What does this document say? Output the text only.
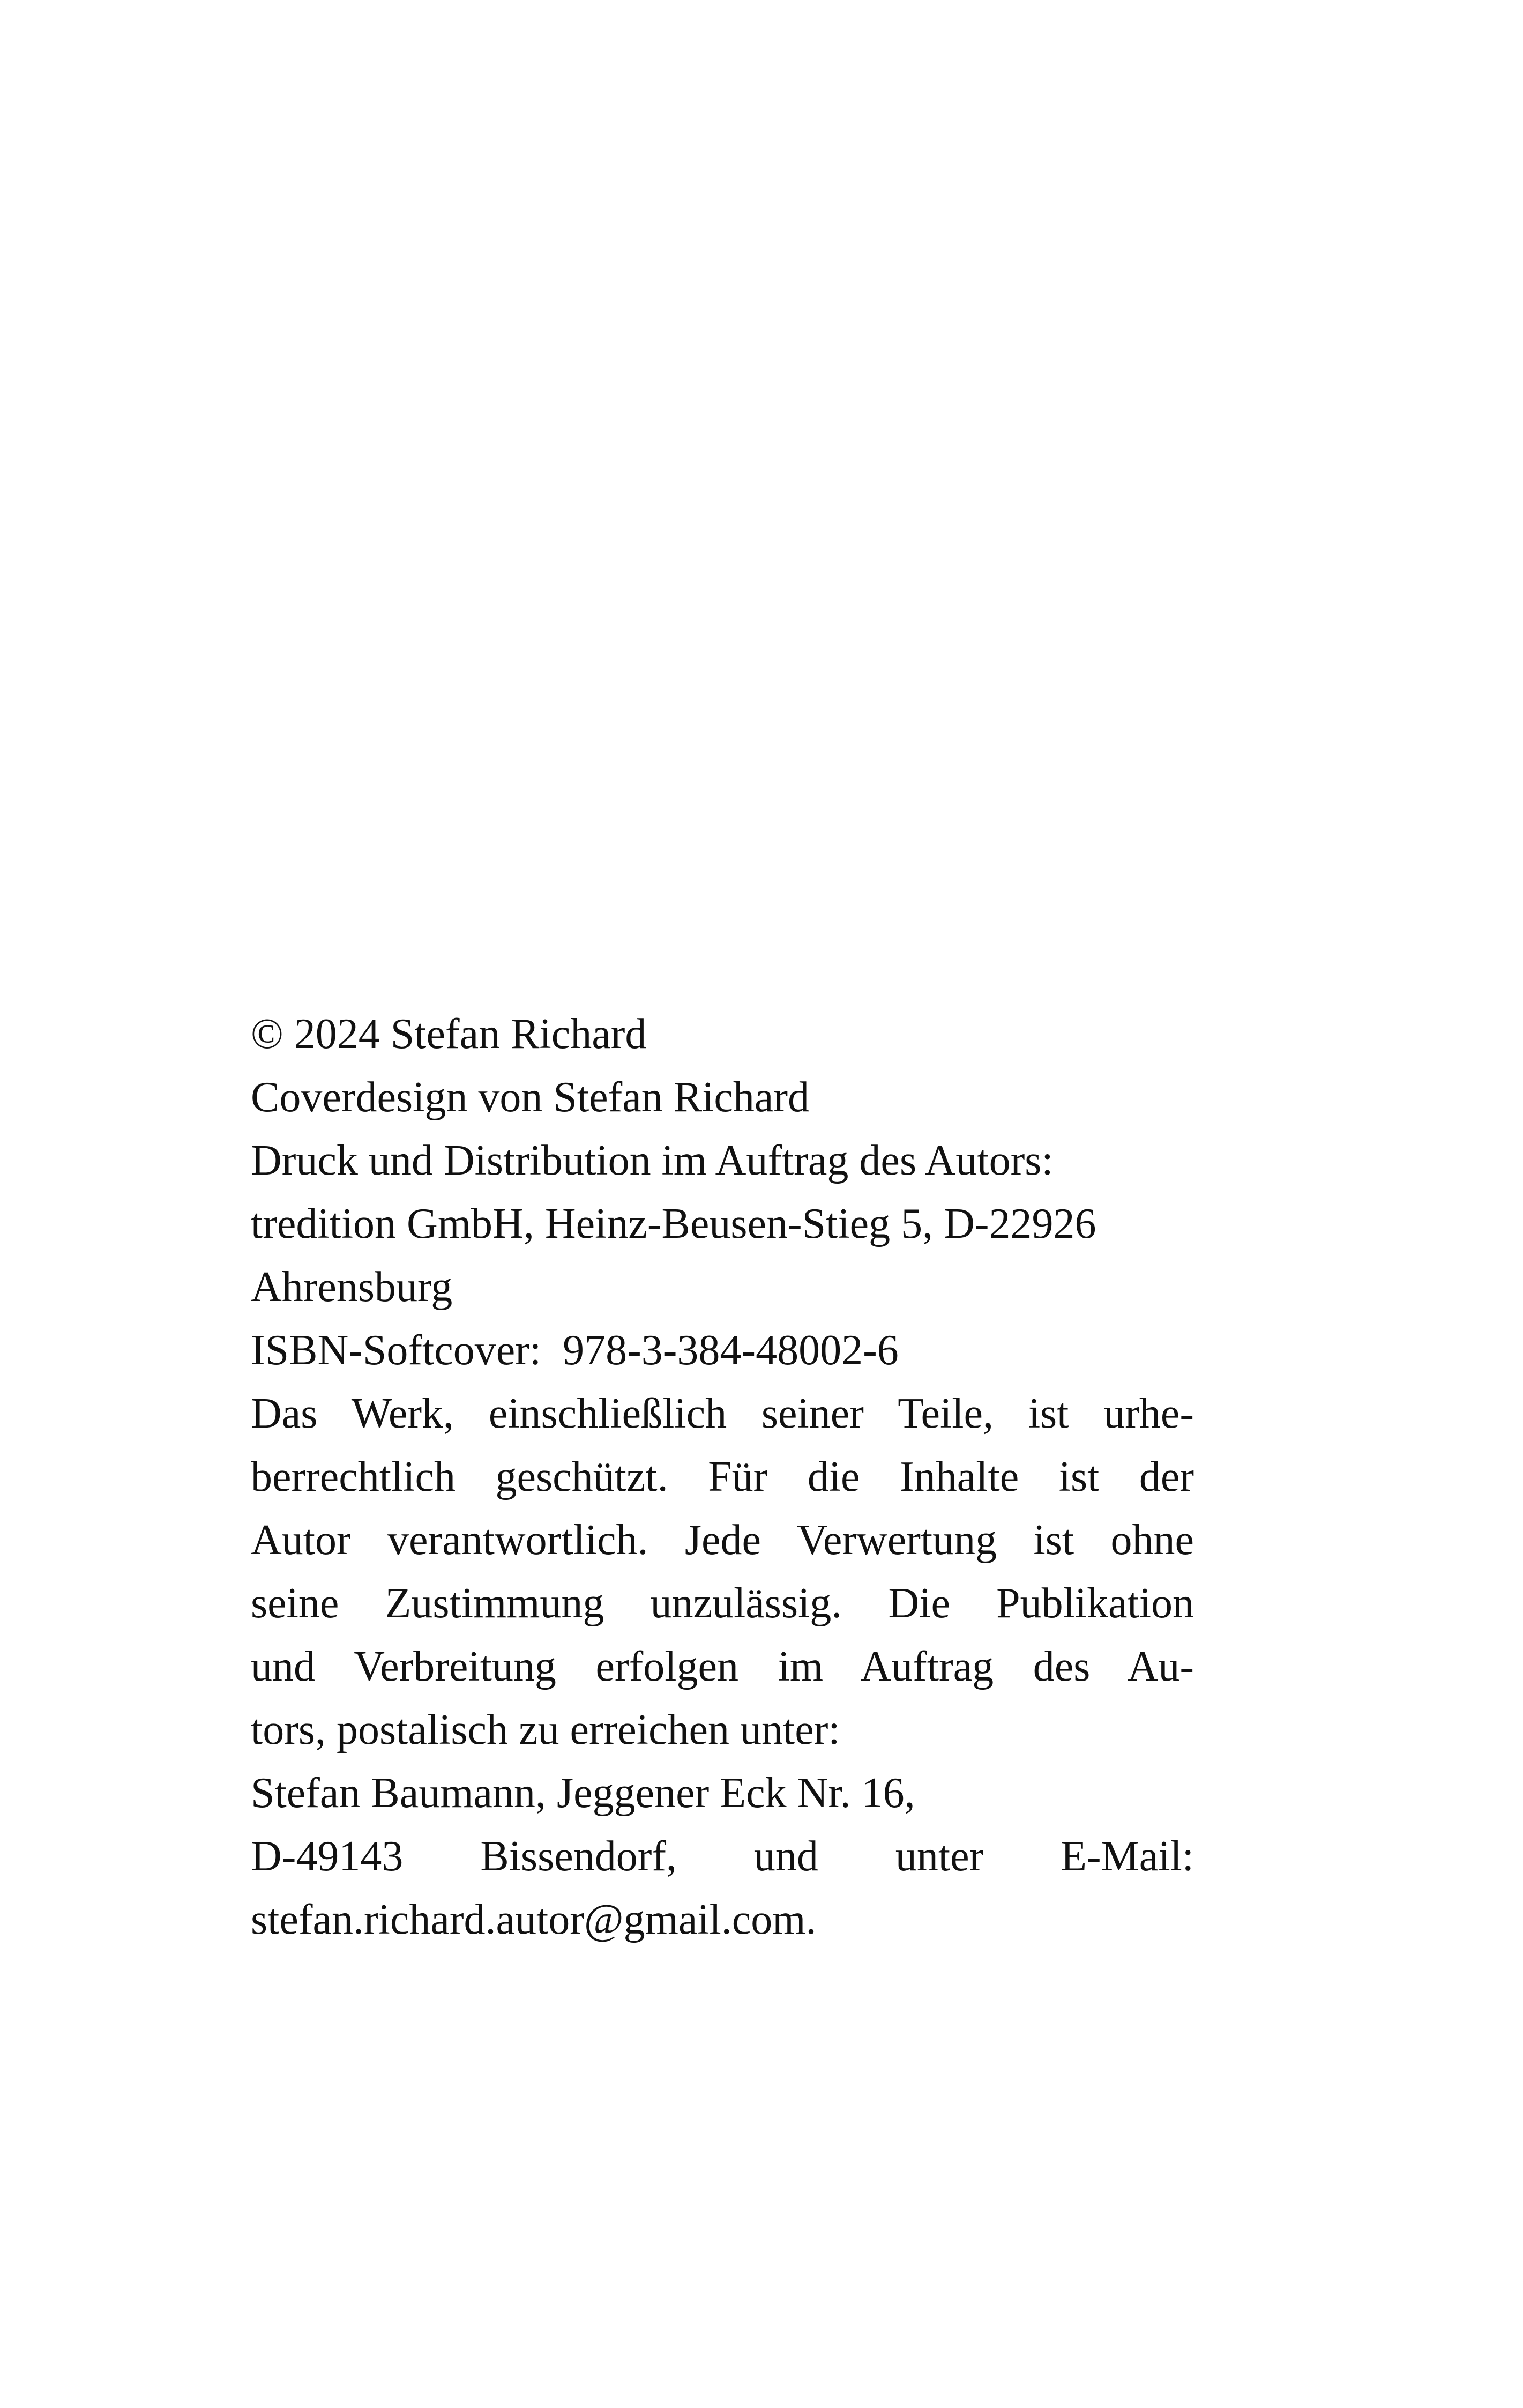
© 2024 Stefan Richard
Coverdesign von Stefan Richard

Druck und Distribution im Auftrag des Autors:
tredition GmbH, Heinz-Beusen-Stieg 5, D-22926
Ahrensburg

ISBN-Softcover:  978-3-384-48002-6

Das Werk, einschließlich seiner Teile, ist urhe-
berrechtlich geschützt. Für die Inhalte ist der
Autor verantwortlich. Jede Verwertung ist ohne
seine Zustimmung unzulässig. Die Publikation
und Verbreitung erfolgen im Auftrag des Au-
tors, postalisch zu erreichen unter:
Stefan Baumann, Jeggener Eck Nr. 16,
D-49143 Bissendorf, und unter E-Mail:
stefan.richard.autor@gmail.com.
